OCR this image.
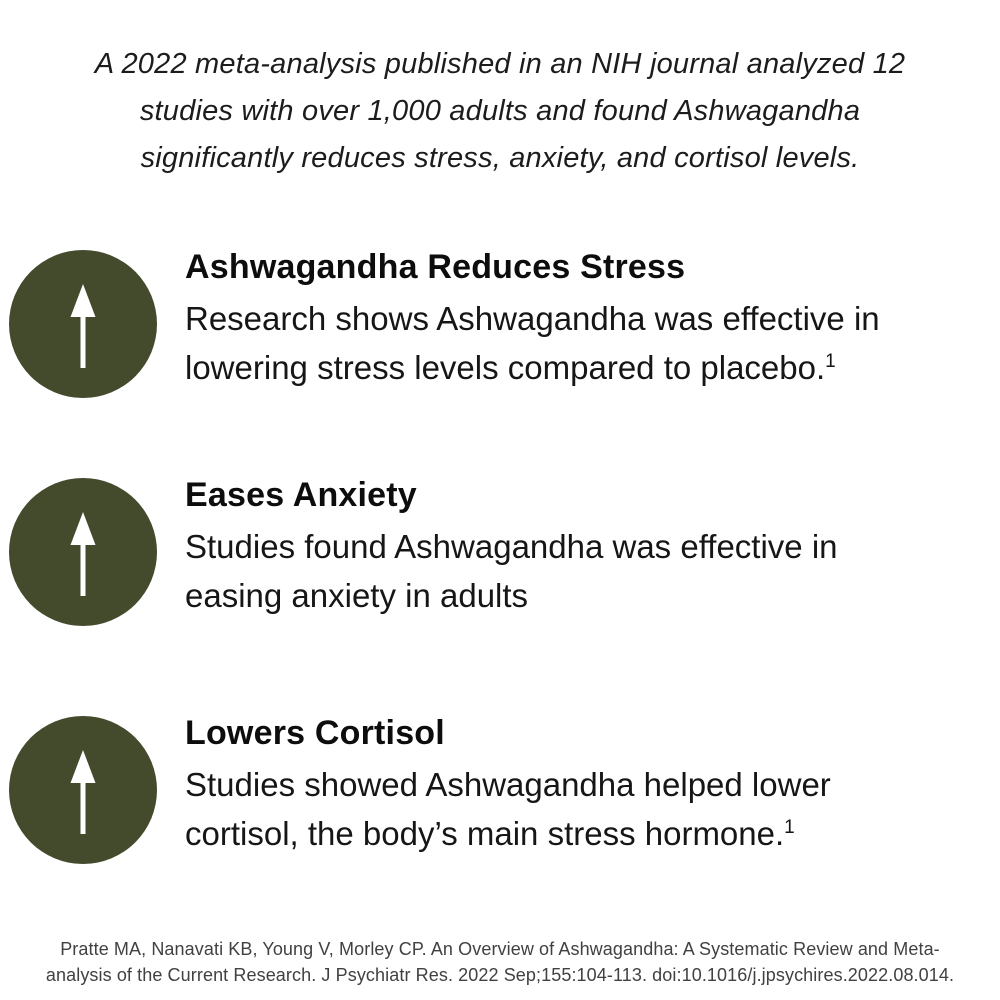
A 2022 meta-analysis published in an NIH journal analyzed 12
studies with over 1,000 adults and found Ashwagandha
significantly reduces stress, anxiety, and cortisol levels.
Ashwagandha Reduces Stress
Research shows Ashwagandha was effective in
lowering stress levels compared to placebo.$^1$
Eases Anxiety
Studies found Ashwagandha was effective in
easing anxiety in adults
Lowers Cortisol
Studies showed Ashwagandha helped lower
cortisol, the body’s main stress hormone.$^1$
Pratte MA, Nanavati KB, Young V, Morley CP. An Overview of Ashwagandha: A Systematic Review and Meta-
analysis of the Current Research. J Psychiatr Res. 2022 Sep;155:104-113. doi:10.1016/j.jpsychires.2022.08.014.
